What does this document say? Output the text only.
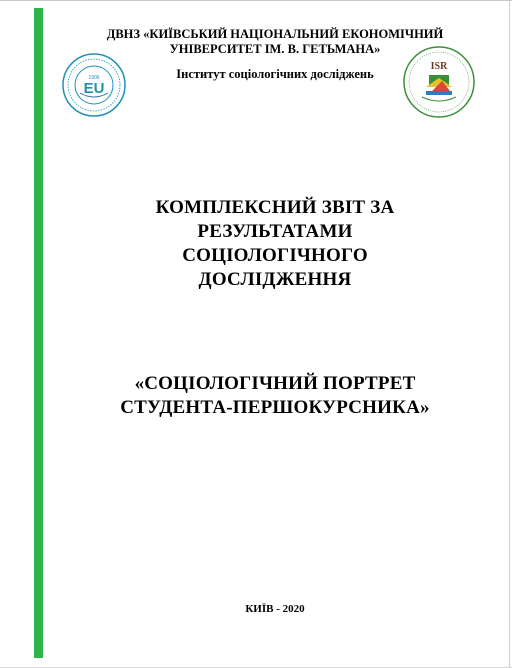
ДВНЗ «КИЇВСЬКИЙ НАЦІОНАЛЬНИЙ ЕКОНОМІЧНИЙ
УНІВЕРСИТЕТ ІМ. В. ГЕТЬМАНА»
Інститут соціологічних досліджень
1906
EU
ISR
КОМПЛЕКСНИЙ ЗВІТ ЗА
РЕЗУЛЬТАТАМИ
СОЦІОЛОГІЧНОГО
ДОСЛІДЖЕННЯ
«СОЦІОЛОГІЧНИЙ ПОРТРЕТ
СТУДЕНТА-ПЕРШОКУРСНИКА»
КИЇВ - 2020
